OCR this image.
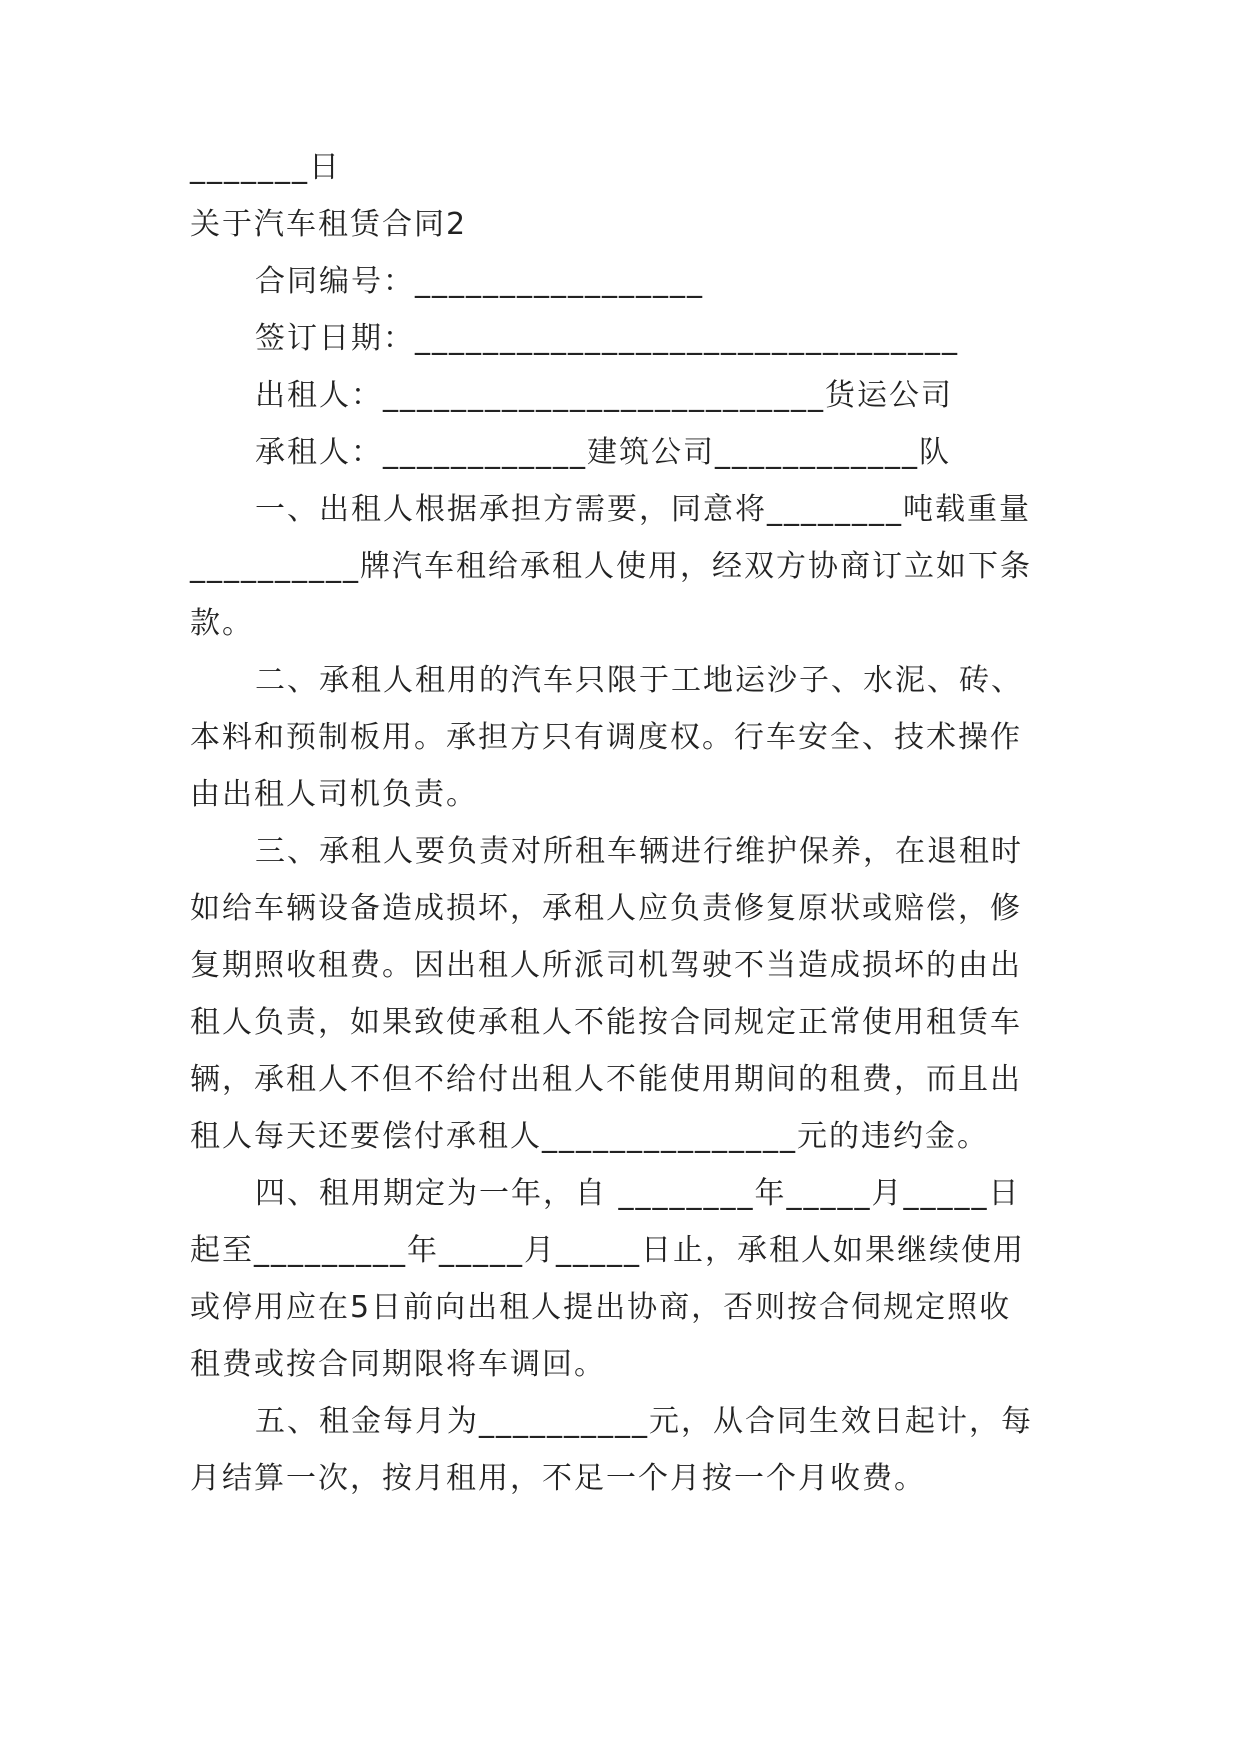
_______日
关于汽车租赁合同2
合同编号：_________________
签订日期：________________________________
出租人：__________________________货运公司
承租人：____________建筑公司____________队
一、出租人根据承担方需要，同意将________吨载重量
__________牌汽车租给承租人使用，经双方协商订立如下条
款。
二、承租人租用的汽车只限于工地运沙子、水泥、砖、
本料和预制板用。承担方只有调度权。行车安全、技术操作
由出租人司机负责。
三、承租人要负责对所租车辆进行维护保养，在退租时
如给车辆设备造成损坏，承租人应负责修复原状或赔偿，修
复期照收租费。因出租人所派司机驾驶不当造成损坏的由出
租人负责，如果致使承租人不能按合同规定正常使用租赁车
辆，承租人不但不给付出租人不能使用期间的租费，而且出
租人每天还要偿付承租人_______________元的违约金。
四、租用期定为一年，自 ________年_____月_____日
起至_________年_____月_____日止，承租人如果继续使用
或停用应在5日前向出租人提出协商，否则按合伺规定照收
租费或按合同期限将车调回。
五、租金每月为__________元，从合同生效日起计，每
月结算一次，按月租用，不足一个月按一个月收费。
